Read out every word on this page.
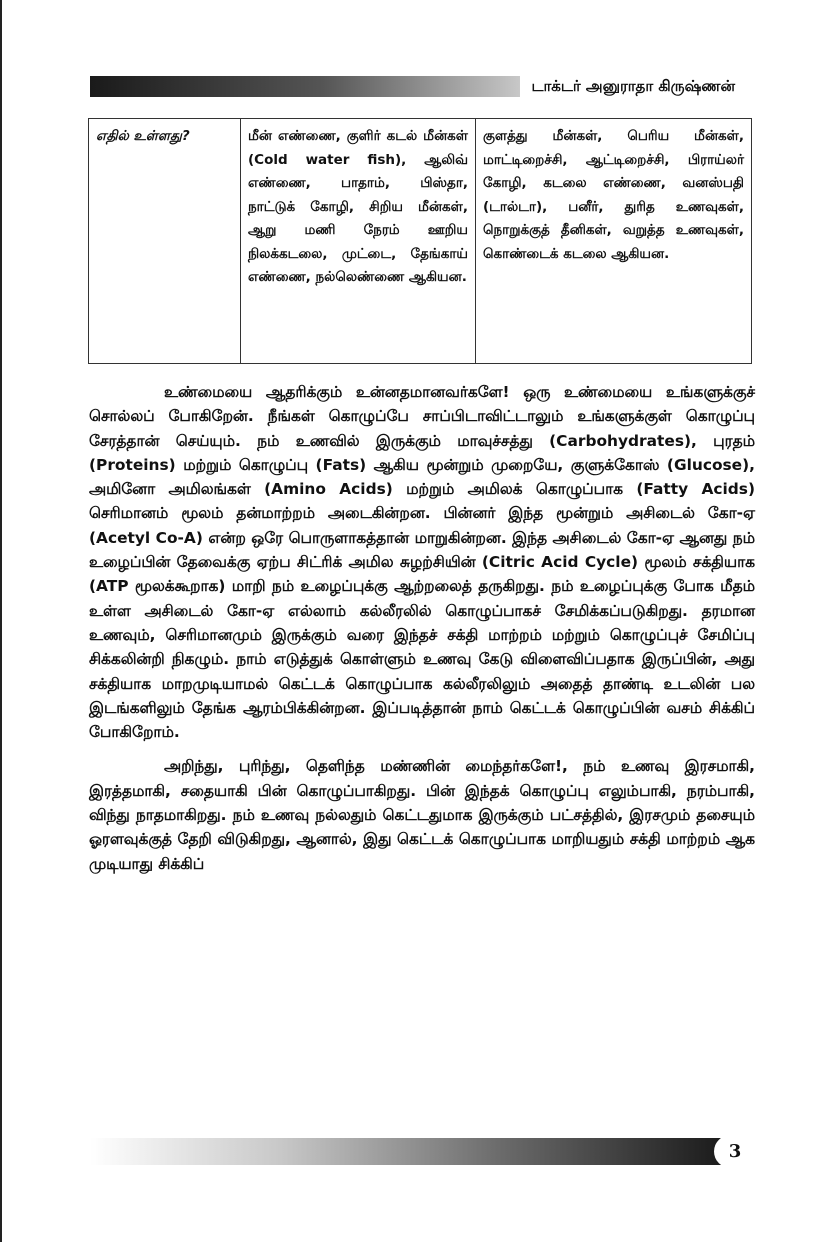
டாக்டர் அனுராதா கிருஷ்ணன்
எதில் உள்ளது?	மீன் எண்ணை, குளிர் கடல் மீன்கள் (Cold water fish), ஆலிவ் எண்ணை, பாதாம், பிஸ்தா, நாட்டுக் கோழி, சிறிய மீன்கள், ஆறு மணி நேரம் ஊறிய நிலக்கடலை, முட்டை, தேங்காய் எண்ணை, நல்லெண்ணை ஆகியன.	குளத்து மீன்கள், பெரிய மீன்கள், மாட்டிறைச்சி, ஆட்டிறைச்சி, பிராய்லர் கோழி, கடலை எண்ணை, வனஸ்பதி (டால்டா), பனீர், துரித உணவுகள், நொறுக்குத் தீனிகள், வறுத்த உணவுகள், கொண்டைக் கடலை ஆகியன.

உண்மையை ஆதரிக்கும் உன்னதமானவர்களே! ஒரு உண்மையை உங்களுக்குச் சொல்லப் போகிறேன். நீங்கள் கொழுப்பே சாப்பிடாவிட்டாலும் உங்களுக்குள் கொழுப்பு சேரத்தான் செய்யும். நம் உணவில் இருக்கும் மாவுச்சத்து (Carbohydrates), புரதம் (Proteins) மற்றும் கொழுப்பு (Fats) ஆகிய மூன்றும் முறையே, குளுக்கோஸ் (Glucose), அமினோ அமிலங்கள் (Amino Acids) மற்றும் அமிலக் கொழுப்பாக (Fatty Acids) செரிமானம் மூலம் தன்மாற்றம் அடைகின்றன. பின்னர் இந்த மூன்றும் அசிடைல் கோ-ஏ (Acetyl Co-A) என்ற ஒரே பொருளாகத்தான் மாறுகின்றன. இந்த அசிடைல் கோ-ஏ ஆனது நம் உழைப்பின் தேவைக்கு ஏற்ப சிட்ரிக் அமில சுழற்சியின் (Citric Acid Cycle) மூலம் சக்தியாக (ATP மூலக்கூறாக) மாறி நம் உழைப்புக்கு ஆற்றலைத் தருகிறது. நம் உழைப்புக்கு போக மீதம் உள்ள அசிடைல் கோ-ஏ எல்லாம் கல்லீரலில் கொழுப்பாகச் சேமிக்கப்படுகிறது. தரமான உணவும், செரிமானமும் இருக்கும் வரை இந்தச் சக்தி மாற்றம் மற்றும் கொழுப்புச் சேமிப்பு சிக்கலின்றி நிகழும். நாம் எடுத்துக் கொள்ளும் உணவு கேடு விளைவிப்பதாக இருப்பின், அது சக்தியாக மாறமுடியாமல் கெட்டக் கொழுப்பாக கல்லீரலிலும் அதைத் தாண்டி உடலின் பல இடங்களிலும் தேங்க ஆரம்பிக்கின்றன. இப்படித்தான் நாம் கெட்டக் கொழுப்பின் வசம் சிக்கிப் போகிறோம்.

அறிந்து, புரிந்து, தெளிந்த மண்ணின் மைந்தர்களே!, நம் உணவு இரசமாகி, இரத்தமாகி, சதையாகி பின் கொழுப்பாகிறது. பின் இந்தக் கொழுப்பு எலும்பாகி, நரம்பாகி, விந்து நாதமாகிறது. நம் உணவு நல்லதும் கெட்டதுமாக இருக்கும் பட்சத்தில், இரசமும் தசையும் ஓரளவுக்குத் தேறி விடுகிறது, ஆனால், இது கெட்டக் கொழுப்பாக மாறியதும் சக்தி மாற்றம் ஆக முடியாது சிக்கிப்

3
